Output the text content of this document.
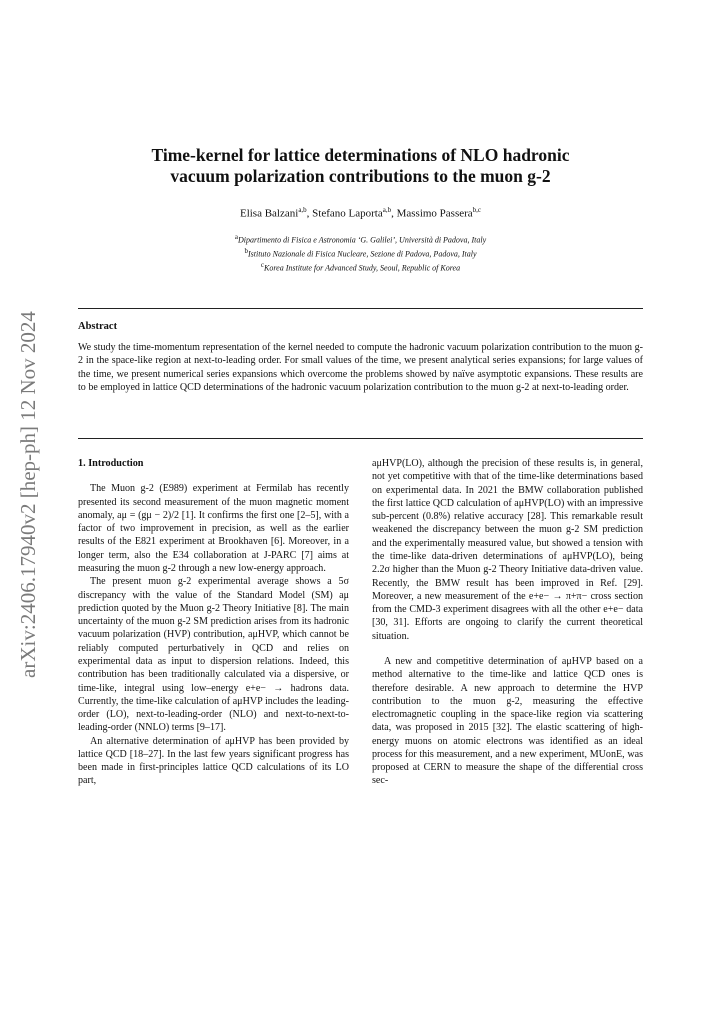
arXiv:2406.17940v2 [hep-ph] 12 Nov 2024
Time-kernel for lattice determinations of NLO hadronic
vacuum polarization contributions to the muon g-2
Elisa Balzani$^{a,b}$, Stefano Laporta$^{a,b}$, Massimo Passera$^{b,c}$
$^a$Dipartimento di Fisica e Astronomia ‘G. Galilei’, Università di Padova, Italy
$^b$Istituto Nazionale di Fisica Nucleare, Sezione di Padova, Padova, Italy
$^c$Korea Institute for Advanced Study, Seoul, Republic of Korea
Abstract
We study the time-momentum representation of the kernel needed to compute the hadronic vacuum polarization contribution to the muon g-2 in the space-like region at next-to-leading order. For small values of the time, we present analytical series expansions; for large values of the time, we present numerical series expansions which overcome the problems showed by naïve asymptotic expansions. These results are to be employed in lattice QCD determinations of the hadronic vacuum polarization contribution to the muon g-2 at next-to-leading order.
1. Introduction

The Muon g-2 (E989) experiment at Fermilab has recently presented its second measurement of the muon magnetic moment anomaly, aμ = (gμ − 2)/2 [1]. It confirms the first one [2–5], with a factor of two improvement in precision, as well as the earlier results of the E821 experiment at Brookhaven [6]. Moreover, in a longer term, also the E34 collaboration at J-PARC [7] aims at measuring the muon g-2 through a new low-energy approach.

The present muon g-2 experimental average shows a 5σ discrepancy with the value of the Standard Model (SM) aμ prediction quoted by the Muon g-2 Theory Initiative [8]. The main uncertainty of the muon g-2 SM prediction arises from its hadronic vacuum polarization (HVP) contribution, aμHVP, which cannot be reliably computed perturbatively in QCD and relies on experimental data as input to dispersion relations. Indeed, this contribution has been traditionally calculated via a dispersive, or time-like, integral using low–energy e+e− → hadrons data. Currently, the time-like calculation of aμHVP includes the leading-order (LO), next-to-leading-order (NLO) and next-to-next-to-leading-order (NNLO) terms [9–17].

An alternative determination of aμHVP has been provided by lattice QCD [18–27]. In the last few years significant progress has been made in first-principles lattice QCD calculations of its LO part,

aμHVP(LO), although the precision of these results is, in general, not yet competitive with that of the time-like determinations based on experimental data. In 2021 the BMW collaboration published the first lattice QCD calculation of aμHVP(LO) with an impressive sub-percent (0.8%) relative accuracy [28]. This remarkable result weakened the discrepancy between the muon g-2 SM prediction and the experimentally measured value, but showed a tension with the time-like data-driven determinations of aμHVP(LO), being 2.2σ higher than the Muon g-2 Theory Initiative data-driven value. Recently, the BMW result has been improved in Ref. [29]. Moreover, a new measurement of the e+e− → π+π− cross section from the CMD-3 experiment disagrees with all the other e+e− data [30, 31]. Efforts are ongoing to clarify the current theoretical situation.

A new and competitive determination of aμHVP based on a method alternative to the time-like and lattice QCD ones is therefore desirable. A new approach to determine the HVP contribution to the muon g-2, measuring the effective electromagnetic coupling in the space-like region via scattering data, was proposed in 2015 [32]. The elastic scattering of high-energy muons on atomic electrons was identified as an ideal process for this measurement, and a new experiment, MUonE, was proposed at CERN to measure the shape of the differential cross sec-
